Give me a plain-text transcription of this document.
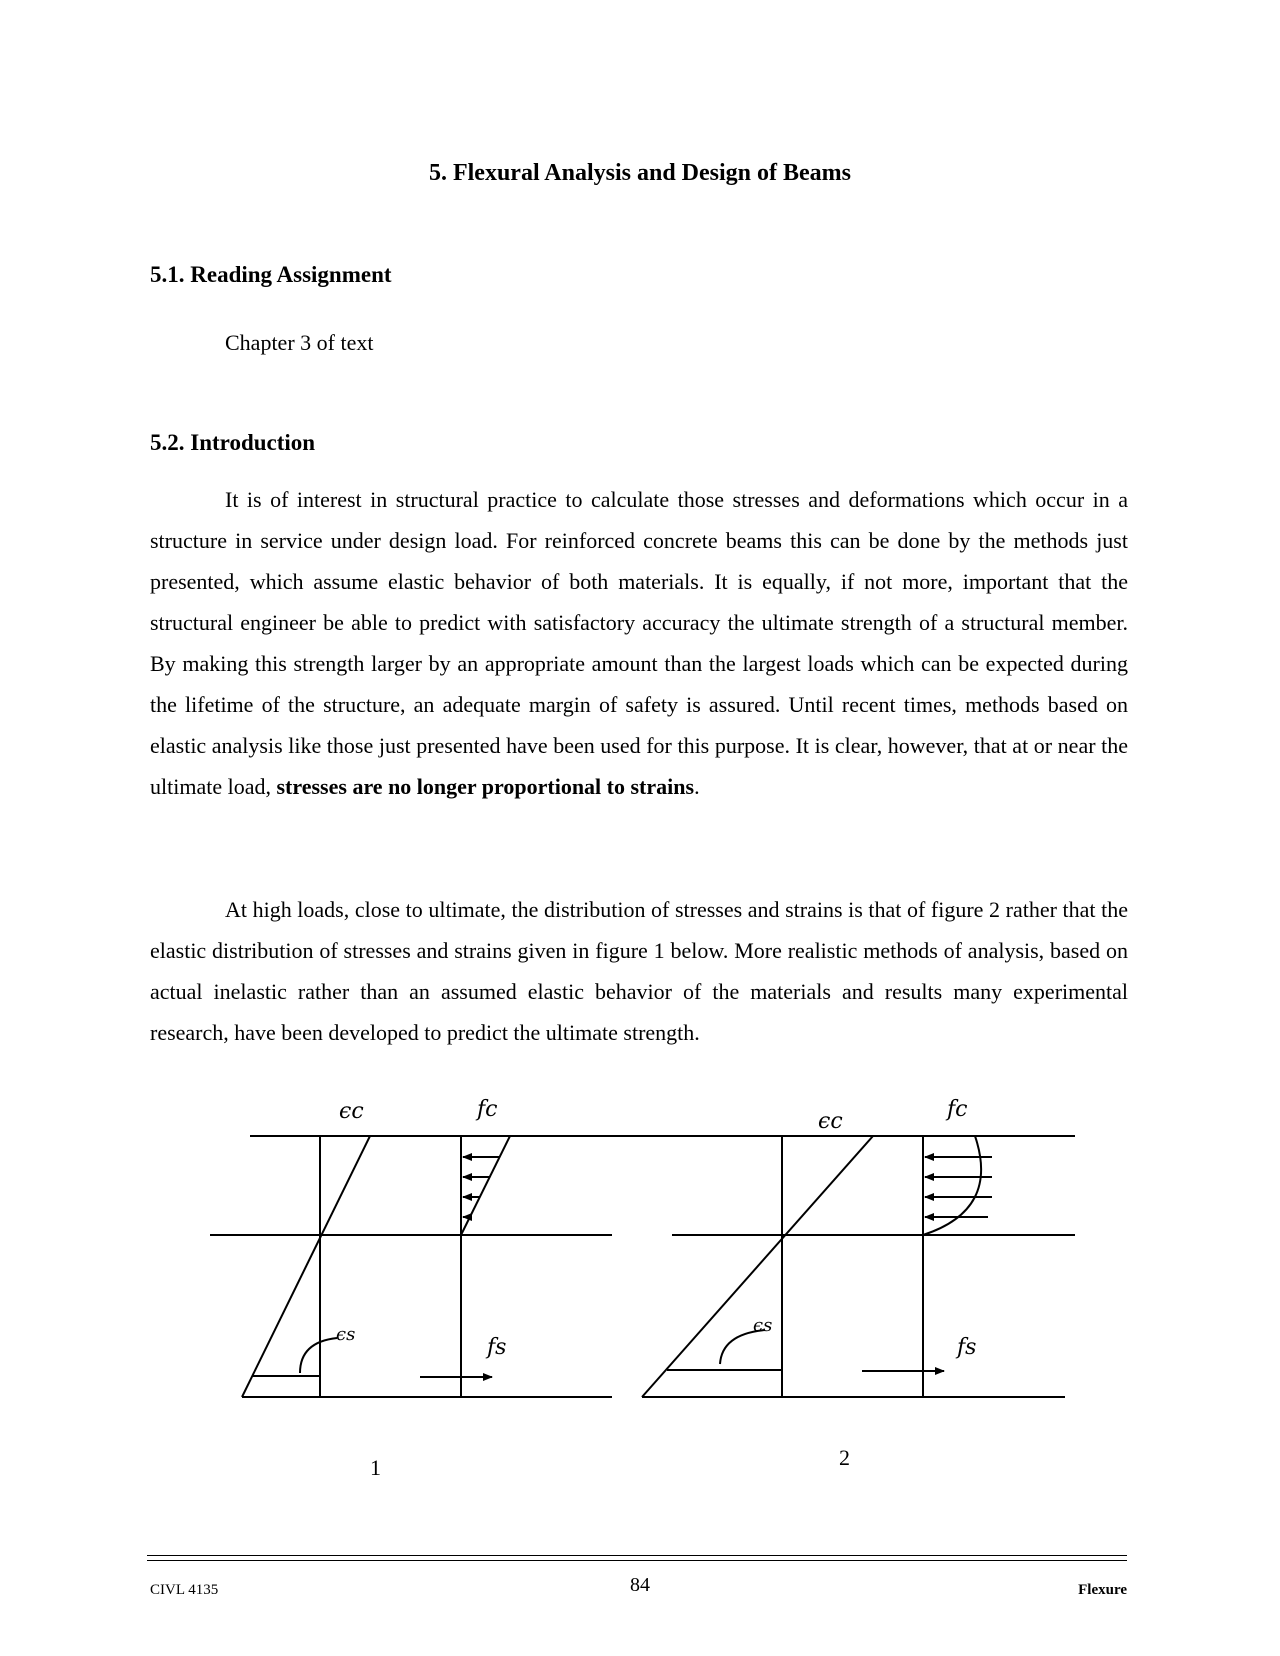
5. Flexural Analysis and Design of Beams
5.1. Reading Assignment
Chapter 3 of text
5.2. Introduction

It is of interest in structural practice to calculate those stresses and deformations which occur in a structure in service under design load. For reinforced concrete beams this can be done by the methods just presented, which assume elastic behavior of both materials. It is equally, if not more, important that the structural engineer be able to predict with satisfactory accuracy the ultimate strength of a structural member. By making this strength larger by an appropriate amount than the largest loads which can be expected during the lifetime of the structure, an adequate margin of safety is assured. Until recent times, methods based on elastic analysis like those just presented have been used for this purpose. It is clear, however, that at or near the ultimate load, stresses are no longer proportional to strains.

At high loads, close to ultimate, the distribution of stresses and strains is that of figure 2 rather that the elastic distribution of stresses and strains given in figure 1 below. More realistic methods of analysis, based on actual inelastic rather than an assumed elastic behavior of the materials and results many experimental research, have been developed to predict the ultimate strength.

ϵc	fc
ϵs
fs
ϵc	fc
ϵs
fs
1	2
CIVL 4135	84	Flexure
